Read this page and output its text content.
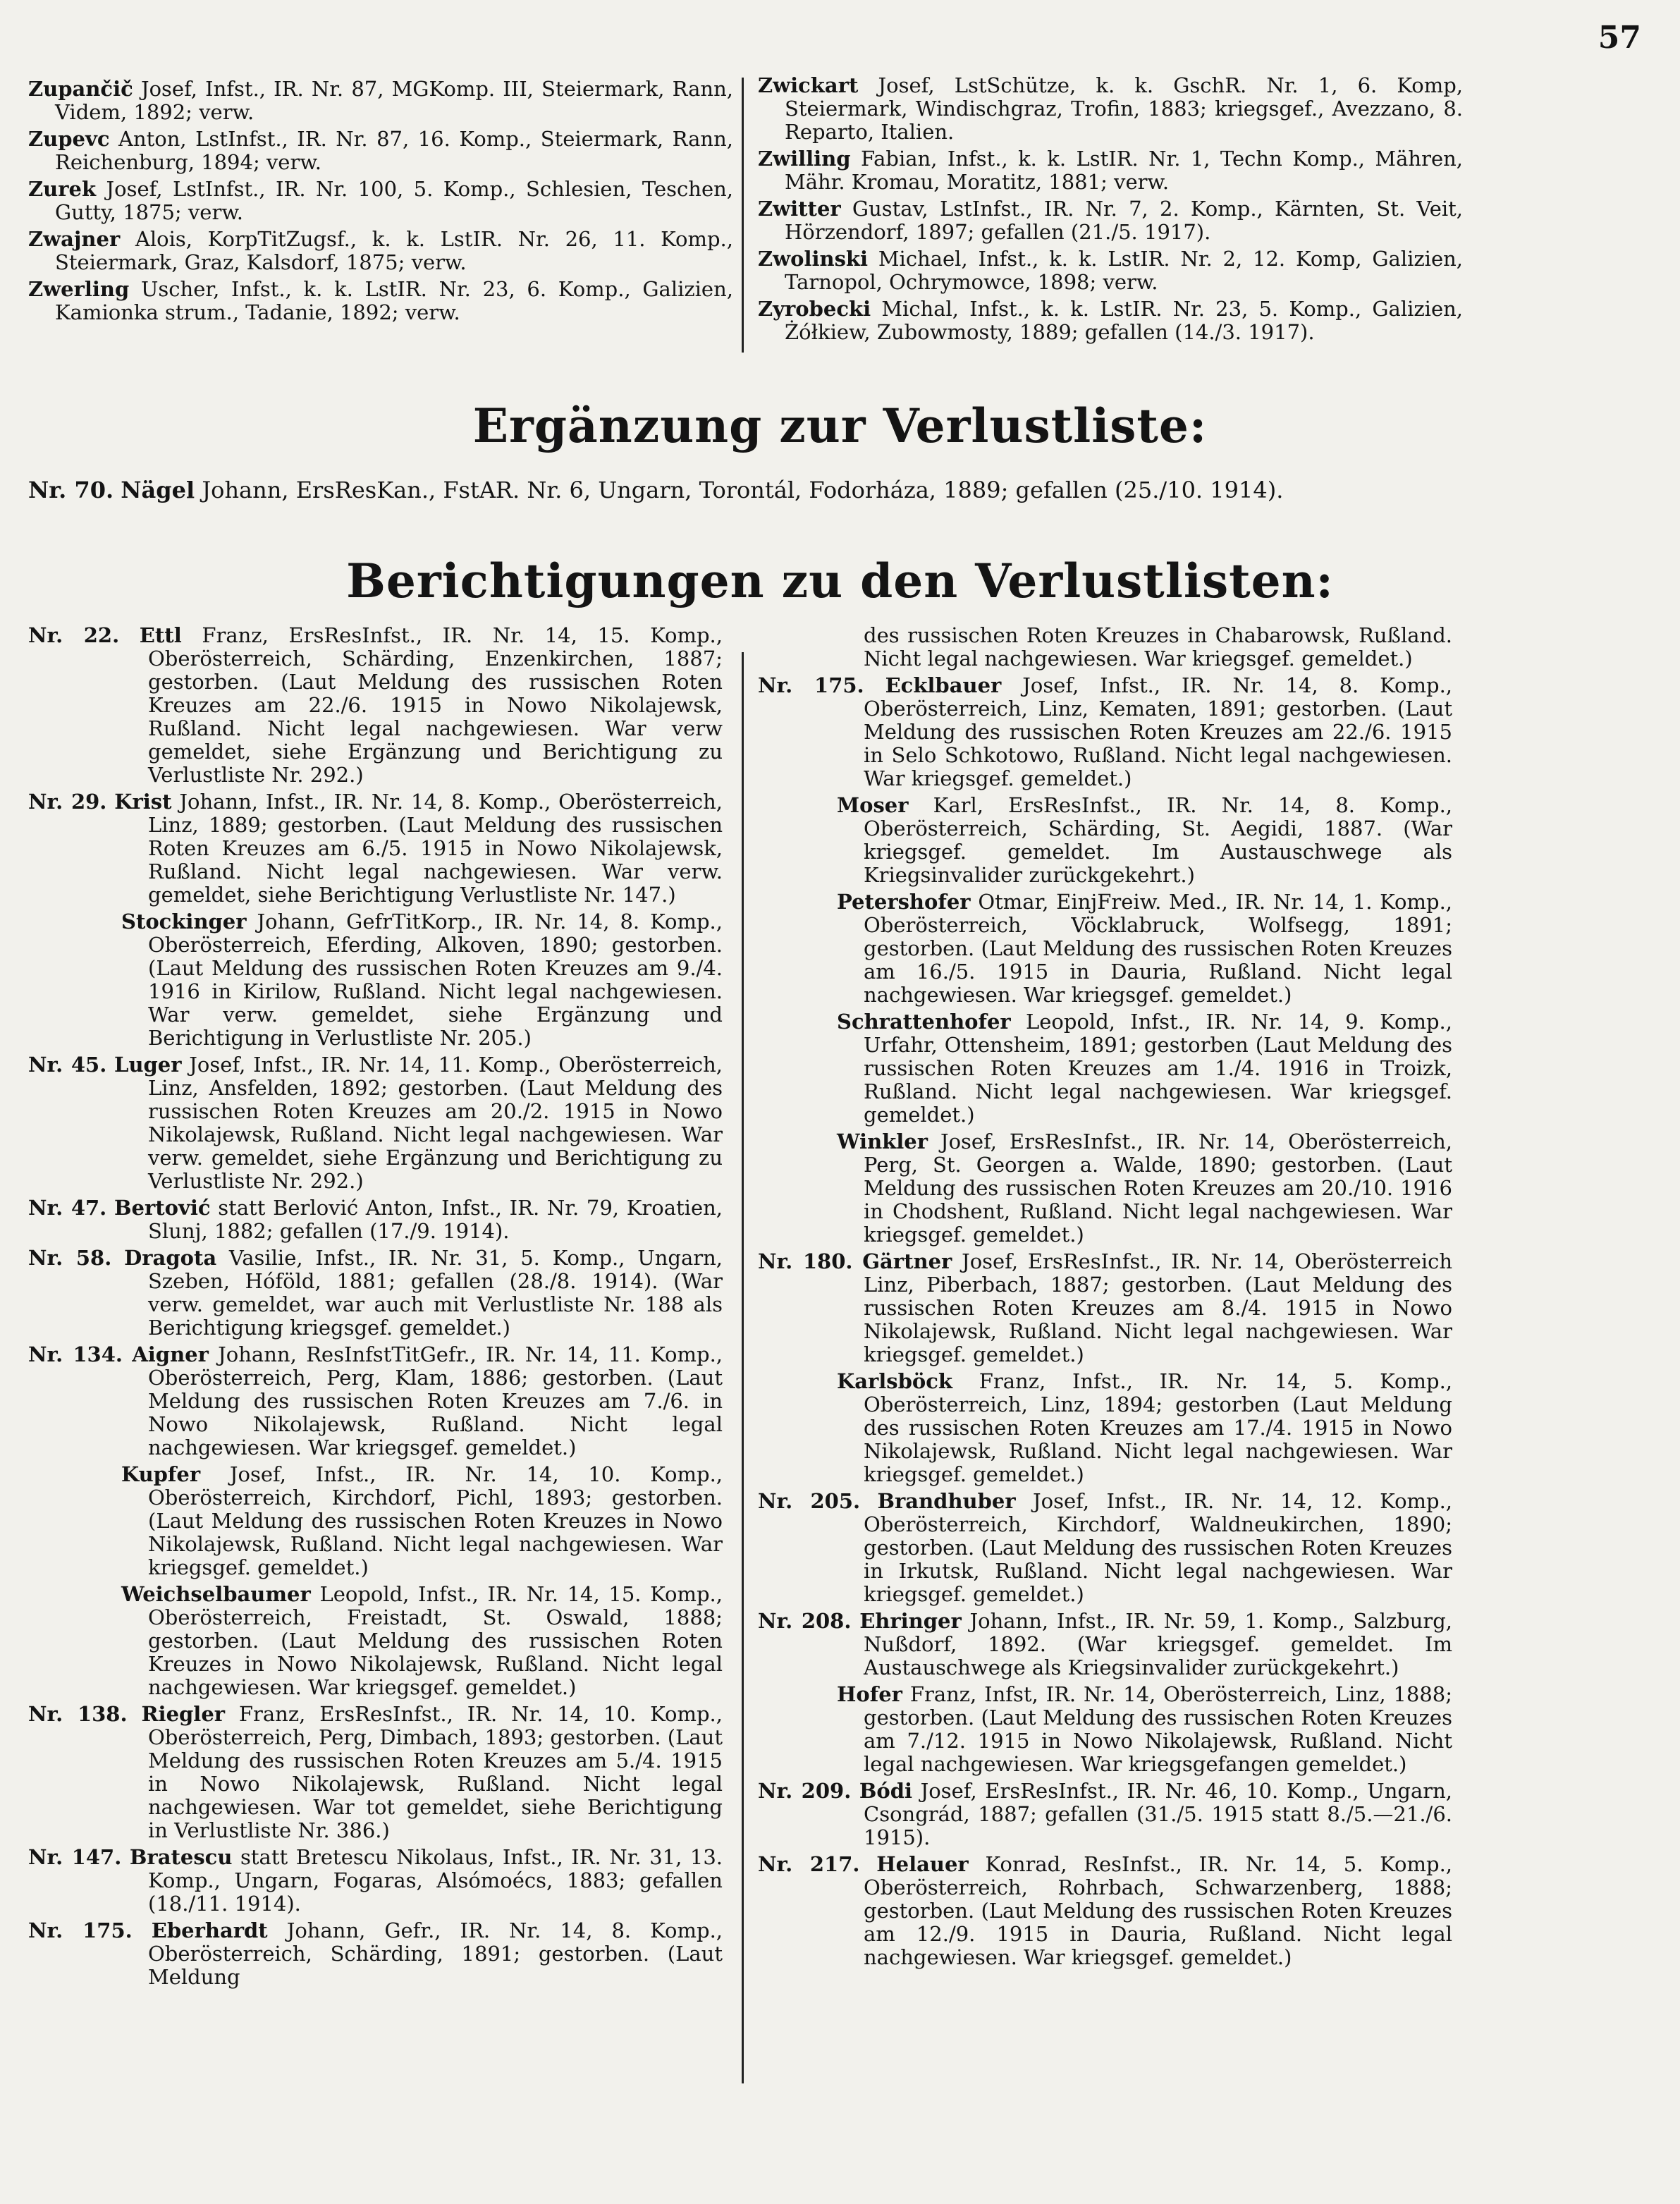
57
Zupančič Josef, Infst., IR. Nr. 87, MGKomp. III, Steiermark, Rann, Videm, 1892; verw.
Zupevc Anton, LstInfst., IR. Nr. 87, 16. Komp., Steiermark, Rann, Reichenburg, 1894; verw.
Zurek Josef, LstInfst., IR. Nr. 100, 5. Komp., Schlesien, Teschen, Gutty, 1875; verw.
Zwajner Alois, KorpTitZugsf., k. k. LstIR. Nr. 26, 11. Komp., Steiermark, Graz, Kalsdorf, 1875; verw.
Zwerling Uscher, Infst., k. k. LstIR. Nr. 23, 6. Komp., Galizien, Kamionka strum., Tadanie, 1892; verw.
Zwickart Josef, LstSchütze, k. k. GschR. Nr. 1, 6. Komp, Steiermark, Windischgraz, Trofin, 1883; kriegsgef., Avezzano, 8. Reparto, Italien.
Zwilling Fabian, Infst., k. k. LstIR. Nr. 1, Techn Komp., Mähren, Mähr. Kromau, Moratitz, 1881; verw.
Zwitter Gustav, LstInfst., IR. Nr. 7, 2. Komp., Kärnten, St. Veit, Hörzendorf, 1897; gefallen (21./5. 1917).
Zwolinski Michael, Infst., k. k. LstIR. Nr. 2, 12. Komp, Galizien, Tarnopol, Ochrymowce, 1898; verw.
Zyrobecki Michal, Infst., k. k. LstIR. Nr. 23, 5. Komp., Galizien, Żółkiew, Zubowmosty, 1889; gefallen (14./3. 1917).
Ergänzung zur Verlustliste:
Nr. 70. Nägel Johann, ErsResKan., FstAR. Nr. 6, Ungarn, Torontál, Fodorháza, 1889; gefallen (25./10. 1914).
Berichtigungen zu den Verlustlisten:
Nr. 22. Ettl Franz, ErsResInfst., IR. Nr. 14, 15. Komp., Oberösterreich, Schärding, Enzenkirchen, 1887; gestorben. (Laut Meldung des russischen Roten Kreuzes am 22./6. 1915 in Nowo Nikolajewsk, Rußland. Nicht legal nachgewiesen. War verw gemeldet, siehe Ergänzung und Berichtigung zu Verlustliste Nr. 292.)
Nr. 29. Krist Johann, Infst., IR. Nr. 14, 8. Komp., Oberösterreich, Linz, 1889; gestorben. (Laut Meldung des russischen Roten Kreuzes am 6./5. 1915 in Nowo Nikolajewsk, Rußland. Nicht legal nachgewiesen. War verw. gemeldet, siehe Berichtigung Verlustliste Nr. 147.)
Stockinger Johann, GefrTitKorp., IR. Nr. 14, 8. Komp., Oberösterreich, Eferding, Alkoven, 1890; gestorben. (Laut Meldung des russischen Roten Kreuzes am 9./4. 1916 in Kirilow, Rußland. Nicht legal nachgewiesen. War verw. gemeldet, siehe Ergänzung und Berichtigung in Verlustliste Nr. 205.)
Nr. 45. Luger Josef, Infst., IR. Nr. 14, 11. Komp., Oberösterreich, Linz, Ansfelden, 1892; gestorben. (Laut Meldung des russischen Roten Kreuzes am 20./2. 1915 in Nowo Nikolajewsk, Rußland. Nicht legal nachgewiesen. War verw. gemeldet, siehe Ergänzung und Berichtigung zu Verlustliste Nr. 292.)
Nr. 47. Bertović statt Berlović Anton, Infst., IR. Nr. 79, Kroatien, Slunj, 1882; gefallen (17./9. 1914).
Nr. 58. Dragota Vasilie, Infst., IR. Nr. 31, 5. Komp., Ungarn, Szeben, Hóföld, 1881; gefallen (28./8. 1914). (War verw. gemeldet, war auch mit Verlustliste Nr. 188 als Berichtigung kriegsgef. gemeldet.)
Nr. 134. Aigner Johann, ResInfstTitGefr., IR. Nr. 14, 11. Komp., Oberösterreich, Perg, Klam, 1886; gestorben. (Laut Meldung des russischen Roten Kreuzes am 7./6. in Nowo Nikolajewsk, Rußland. Nicht legal nachgewiesen. War kriegsgef. gemeldet.)
Kupfer Josef, Infst., IR. Nr. 14, 10. Komp., Oberösterreich, Kirchdorf, Pichl, 1893; gestorben. (Laut Meldung des russischen Roten Kreuzes in Nowo Nikolajewsk, Rußland. Nicht legal nachgewiesen. War kriegsgef. gemeldet.)
Weichselbaumer Leopold, Infst., IR. Nr. 14, 15. Komp., Oberösterreich, Freistadt, St. Oswald, 1888; gestorben. (Laut Meldung des russischen Roten Kreuzes in Nowo Nikolajewsk, Rußland. Nicht legal nachgewiesen. War kriegsgef. gemeldet.)
Nr. 138. Riegler Franz, ErsResInfst., IR. Nr. 14, 10. Komp., Oberösterreich, Perg, Dimbach, 1893; gestorben. (Laut Meldung des russischen Roten Kreuzes am 5./4. 1915 in Nowo Nikolajewsk, Rußland. Nicht legal nachgewiesen. War tot gemeldet, siehe Berichtigung in Verlustliste Nr. 386.)
Nr. 147. Bratescu statt Bretescu Nikolaus, Infst., IR. Nr. 31, 13. Komp., Ungarn, Fogaras, Alsómoécs, 1883; gefallen (18./11. 1914).
Nr. 175. Eberhardt Johann, Gefr., IR. Nr. 14, 8. Komp., Oberösterreich, Schärding, 1891; gestorben. (Laut Meldung
des russischen Roten Kreuzes in Chabarowsk, Rußland. Nicht legal nachgewiesen. War kriegsgef. gemeldet.)
Nr. 175. Ecklbauer Josef, Infst., IR. Nr. 14, 8. Komp., Oberösterreich, Linz, Kematen, 1891; gestorben. (Laut Meldung des russischen Roten Kreuzes am 22./6. 1915 in Selo Schkotowo, Rußland. Nicht legal nachgewiesen. War kriegsgef. gemeldet.)
Moser Karl, ErsResInfst., IR. Nr. 14, 8. Komp., Oberösterreich, Schärding, St. Aegidi, 1887. (War kriegsgef. gemeldet. Im Austauschwege als Kriegsinvalider zurückgekehrt.)
Petershofer Otmar, EinjFreiw. Med., IR. Nr. 14, 1. Komp., Oberösterreich, Vöcklabruck, Wolfsegg, 1891; gestorben. (Laut Meldung des russischen Roten Kreuzes am 16./5. 1915 in Dauria, Rußland. Nicht legal nachgewiesen. War kriegsgef. gemeldet.)
Schrattenhofer Leopold, Infst., IR. Nr. 14, 9. Komp., Urfahr, Ottensheim, 1891; gestorben (Laut Meldung des russischen Roten Kreuzes am 1./4. 1916 in Troizk, Rußland. Nicht legal nachgewiesen. War kriegsgef. gemeldet.)
Winkler Josef, ErsResInfst., IR. Nr. 14, Oberösterreich, Perg, St. Georgen a. Walde, 1890; gestorben. (Laut Meldung des russischen Roten Kreuzes am 20./10. 1916 in Chodshent, Rußland. Nicht legal nachgewiesen. War kriegsgef. gemeldet.)
Nr. 180. Gärtner Josef, ErsResInfst., IR. Nr. 14, Oberösterreich Linz, Piberbach, 1887; gestorben. (Laut Meldung des russischen Roten Kreuzes am 8./4. 1915 in Nowo Nikolajewsk, Rußland. Nicht legal nachgewiesen. War kriegsgef. gemeldet.)
Karlsböck Franz, Infst., IR. Nr. 14, 5. Komp., Oberösterreich, Linz, 1894; gestorben (Laut Meldung des russischen Roten Kreuzes am 17./4. 1915 in Nowo Nikolajewsk, Rußland. Nicht legal nachgewiesen. War kriegsgef. gemeldet.)
Nr. 205. Brandhuber Josef, Infst., IR. Nr. 14, 12. Komp., Oberösterreich, Kirchdorf, Waldneukirchen, 1890; gestorben. (Laut Meldung des russischen Roten Kreuzes in Irkutsk, Rußland. Nicht legal nachgewiesen. War kriegsgef. gemeldet.)
Nr. 208. Ehringer Johann, Infst., IR. Nr. 59, 1. Komp., Salzburg, Nußdorf, 1892. (War kriegsgef. gemeldet. Im Austauschwege als Kriegsinvalider zurückgekehrt.)
Hofer Franz, Infst, IR. Nr. 14, Oberösterreich, Linz, 1888; gestorben. (Laut Meldung des russischen Roten Kreuzes am 7./12. 1915 in Nowo Nikolajewsk, Rußland. Nicht legal nachgewiesen. War kriegsgefangen gemeldet.)
Nr. 209. Bódi Josef, ErsResInfst., IR. Nr. 46, 10. Komp., Ungarn, Csongrád, 1887; gefallen (31./5. 1915 statt 8./5.—21./6. 1915).
Nr. 217. Helauer Konrad, ResInfst., IR. Nr. 14, 5. Komp., Oberösterreich, Rohrbach, Schwarzenberg, 1888; gestorben. (Laut Meldung des russischen Roten Kreuzes am 12./9. 1915 in Dauria, Rußland. Nicht legal nachgewiesen. War kriegsgef. gemeldet.)
